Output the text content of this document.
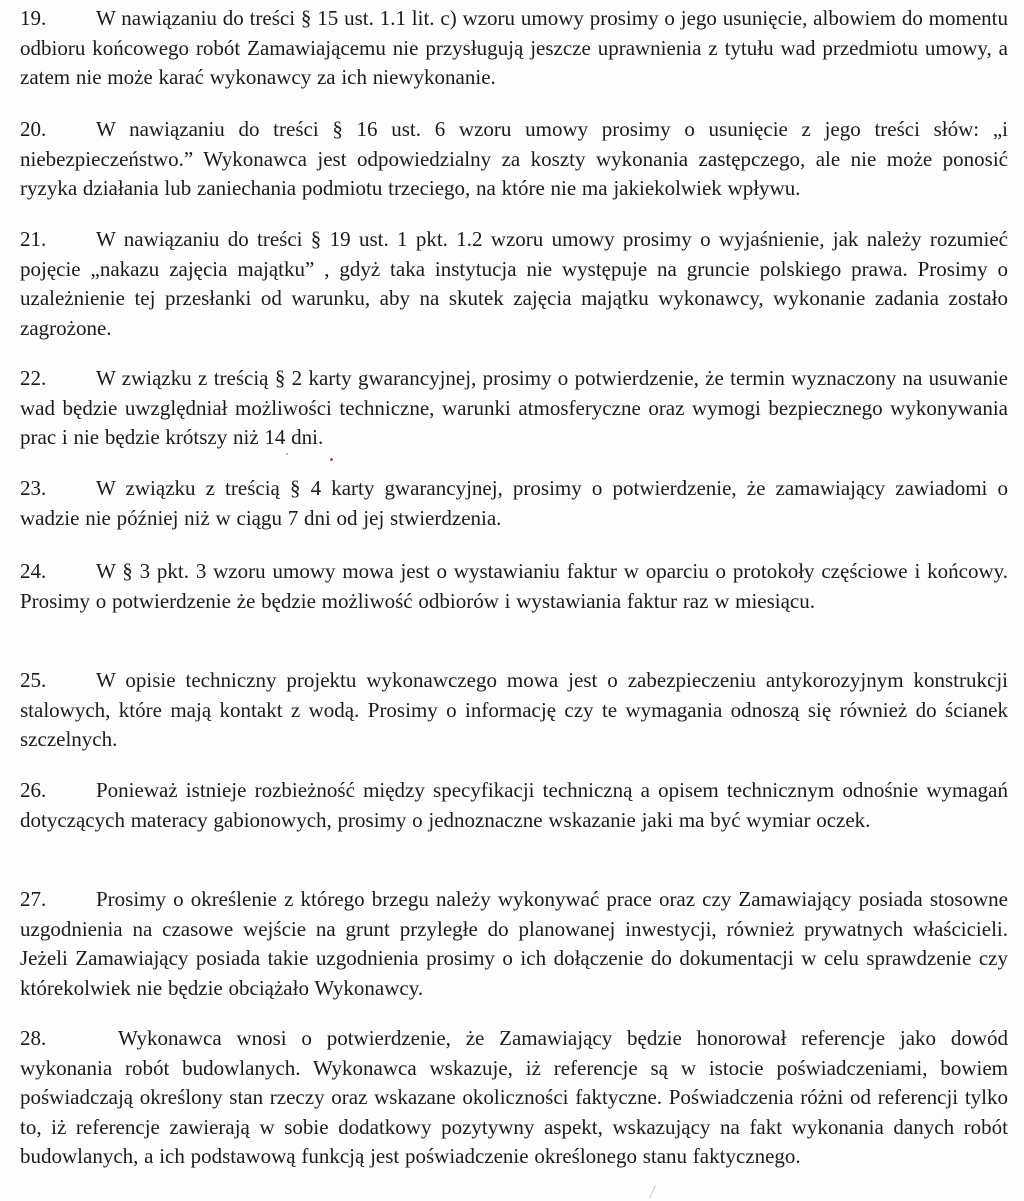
19. W nawiązaniu do treści § 15 ust. 1.1 lit. c) wzoru umowy prosimy o jego usunięcie, albowiem do momentu odbioru końcowego robót Zamawiającemu nie przysługują jeszcze uprawnienia z tytułu wad przedmiotu umowy, a zatem nie może karać wykonawcy za ich niewykonanie.

20. W nawiązaniu do treści § 16 ust. 6 wzoru umowy prosimy o usunięcie z jego treści słów: „i niebezpieczeństwo.” Wykonawca jest odpowiedzialny za koszty wykonania zastępczego, ale nie może ponosić ryzyka działania lub zaniechania podmiotu trzeciego, na które nie ma jakiekolwiek wpływu.

21. W nawiązaniu do treści § 19 ust. 1 pkt. 1.2 wzoru umowy prosimy o wyjaśnienie, jak należy rozumieć pojęcie „nakazu zajęcia majątku” , gdyż taka instytucja nie występuje na gruncie polskiego prawa. Prosimy o uzależnienie tej przesłanki od warunku, aby na skutek zajęcia majątku wykonawcy, wykonanie zadania zostało zagrożone.

22. W związku z treścią § 2 karty gwarancyjnej, prosimy o potwierdzenie, że termin wyznaczony na usuwanie wad będzie uwzględniał możliwości techniczne, warunki atmosferyczne oraz wymogi bezpiecznego wykonywania prac i nie będzie krótszy niż 14 dni.

23. W związku z treścią § 4 karty gwarancyjnej, prosimy o potwierdzenie, że zamawiający zawiadomi o wadzie nie później niż w ciągu 7 dni od jej stwierdzenia.

24. W § 3 pkt. 3 wzoru umowy mowa jest o wystawianiu faktur w oparciu o protokoły częściowe i końcowy. Prosimy o potwierdzenie że będzie możliwość odbiorów i wystawiania faktur raz w miesiącu.

25. W opisie techniczny projektu wykonawczego mowa jest o zabezpieczeniu antykorozyjnym konstrukcji stalowych, które mają kontakt z wodą. Prosimy o informację czy te wymagania odnoszą się również do ścianek szczelnych.

26. Ponieważ istnieje rozbieżność między specyfikacji techniczną a opisem technicznym odnośnie wymagań dotyczących materacy gabionowych, prosimy o jednoznaczne wskazanie jaki ma być wymiar oczek.

27. Prosimy o określenie z którego brzegu należy wykonywać prace oraz czy Zamawiający posiada stosowne uzgodnienia na czasowe wejście na grunt przyległe do planowanej inwestycji, również prywatnych właścicieli. Jeżeli Zamawiający posiada takie uzgodnienia prosimy o ich dołączenie do dokumentacji w celu sprawdzenie czy którekolwiek nie będzie obciążało Wykonawcy.

28.	Wykonawca wnosi o potwierdzenie, że Zamawiający będzie honorował referencje jako dowód wykonania robót budowlanych. Wykonawca wskazuje, iż referencje są w istocie poświadczeniami, bowiem poświadczają określony stan rzeczy oraz wskazane okoliczności faktyczne. Poświadczenia różni od referencji tylko to, iż referencje zawierają w sobie dodatkowy pozytywny aspekt, wskazujący na fakt wykonania danych robót budowlanych, a ich podstawową funkcją jest poświadczenie określonego stanu faktycznego.
